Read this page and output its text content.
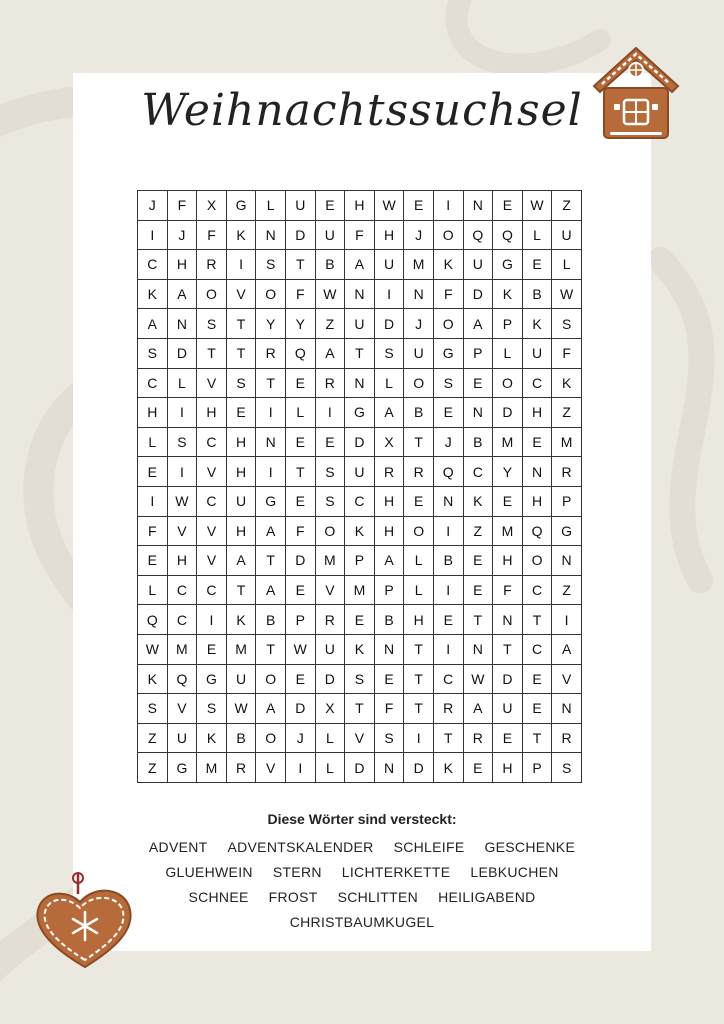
Weihnachtssuchsel
J	F	X	G	L	U	E	H	W	E	I	N	E	W	Z
I	J	F	K	N	D	U	F	H	J	O	Q	Q	L	U
C	H	R	I	S	T	B	A	U	M	K	U	G	E	L
K	A	O	V	O	F	W	N	I	N	F	D	K	B	W
A	N	S	T	Y	Y	Z	U	D	J	O	A	P	K	S
S	D	T	T	R	Q	A	T	S	U	G	P	L	U	F
C	L	V	S	T	E	R	N	L	O	S	E	O	C	K
H	I	H	E	I	L	I	G	A	B	E	N	D	H	Z
L	S	C	H	N	E	E	D	X	T	J	B	M	E	M
E	I	V	H	I	T	S	U	R	R	Q	C	Y	N	R
I	W	C	U	G	E	S	C	H	E	N	K	E	H	P
F	V	V	H	A	F	O	K	H	O	I	Z	M	Q	G
E	H	V	A	T	D	M	P	A	L	B	E	H	O	N
L	C	C	T	A	E	V	M	P	L	I	E	F	C	Z
Q	C	I	K	B	P	R	E	B	H	E	T	N	T	I
W	M	E	M	T	W	U	K	N	T	I	N	T	C	A
K	Q	G	U	O	E	D	S	E	T	C	W	D	E	V
S	V	S	W	A	D	X	T	F	T	R	A	U	E	N
Z	U	K	B	O	J	L	V	S	I	T	R	E	T	R
Z	G	M	R	V	I	L	D	N	D	K	E	H	P	S
Diese Wörter sind versteckt:
ADVENT ADVENTSKALENDER SCHLEIFE GESCHENKE
GLUEHWEIN STERN LICHTERKETTE LEBKUCHEN
SCHNEE FROST SCHLITTEN HEILIGABEND
CHRISTBAUMKUGEL
